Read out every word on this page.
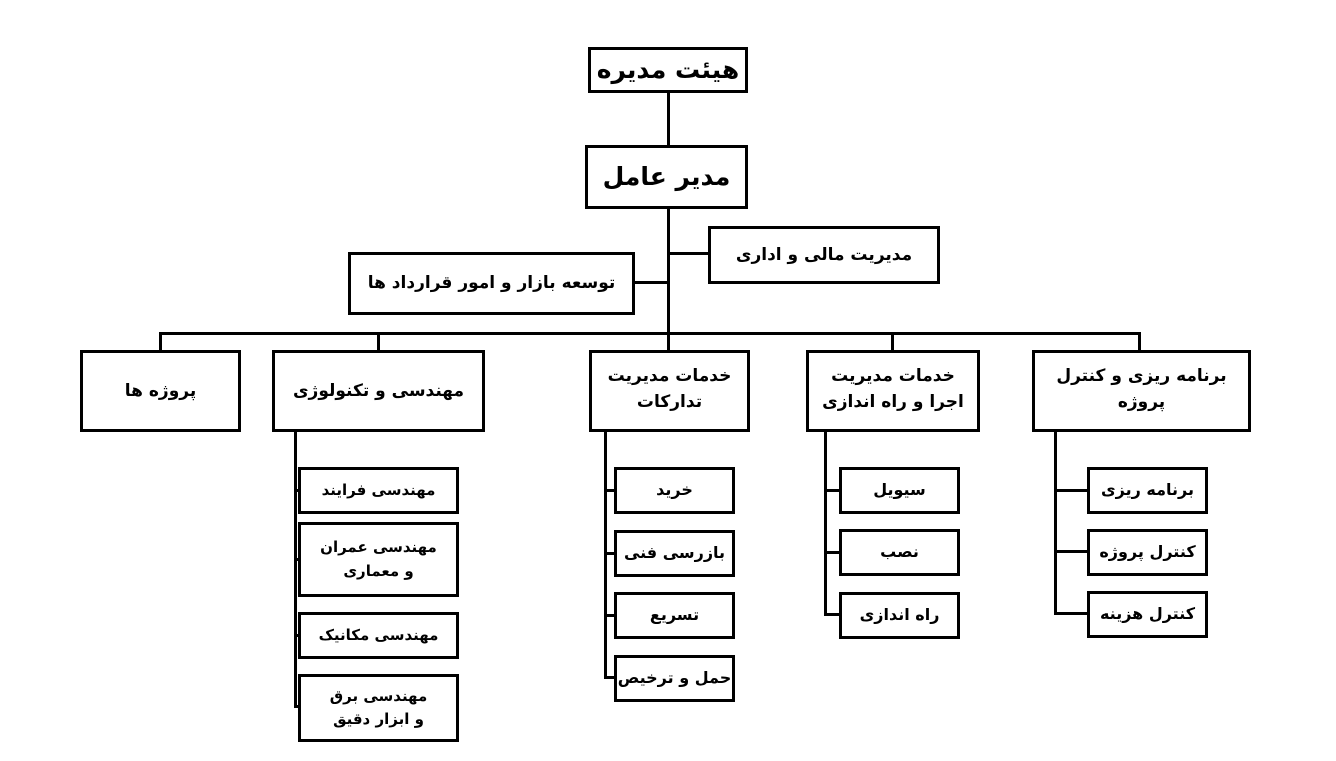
هیئت مدیره
مدیر عامل
مدیریت مالی و اداری
توسعه بازار و امور قرارداد ها
پروژه ها	مهندسی و تکنولوژی
خدمات مدیریت
تدارکات
خدمات مدیریت
اجرا و راه اندازی
برنامه ریزی و کنترل
پروژه
برنامه ریزی
کنترل پروژه
کنترل هزینه
سیویل
نصب
راه اندازی
خرید
بازرسی فنی
تسریع
حمل و ترخیص
مهندسی فرایند
مهندسی عمران
و معماری
مهندسی مکانیک
مهندسی برق
و ابزار دقیق
